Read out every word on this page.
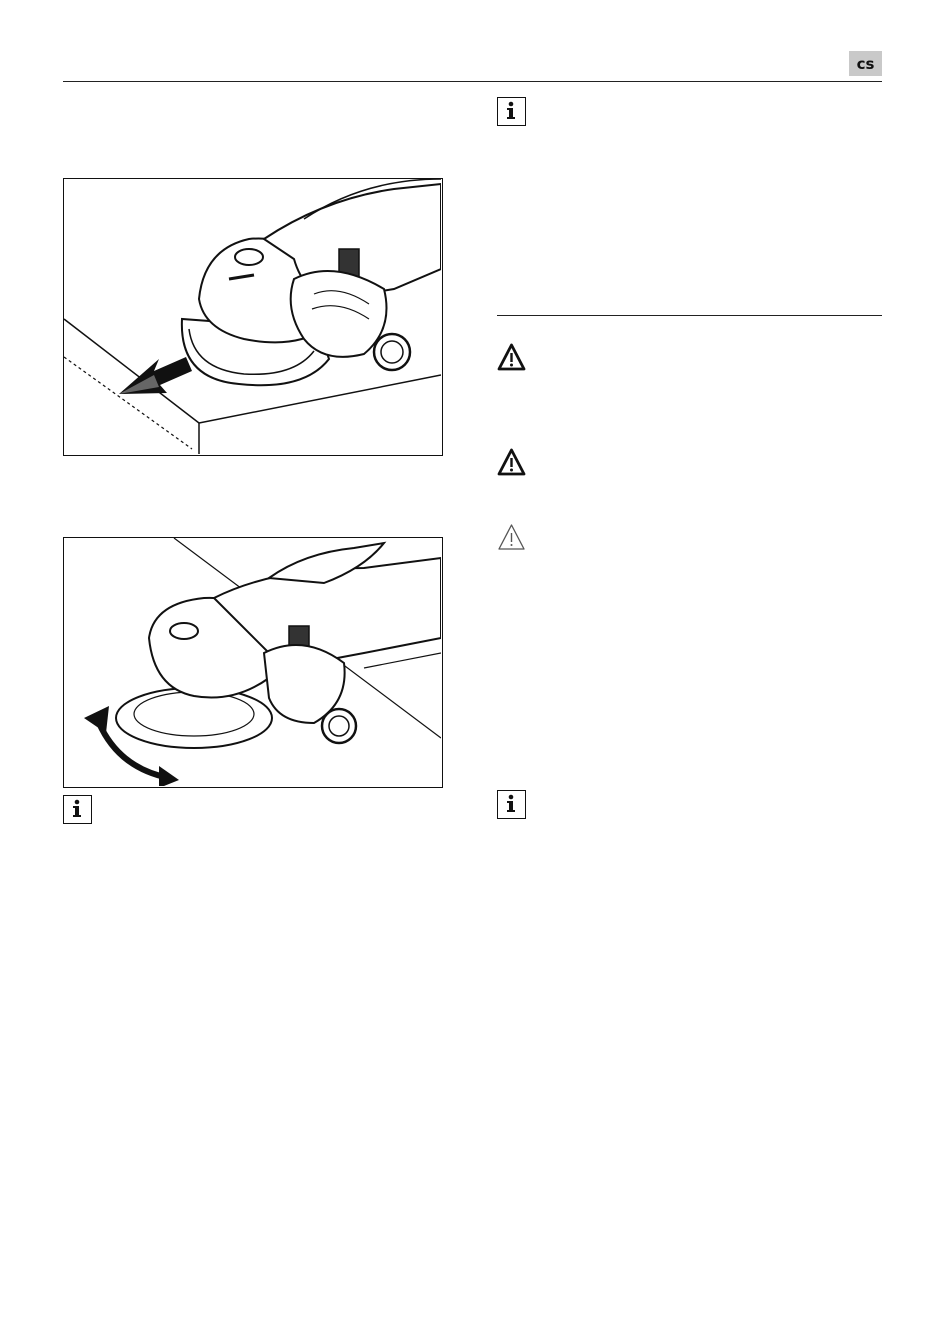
cs
